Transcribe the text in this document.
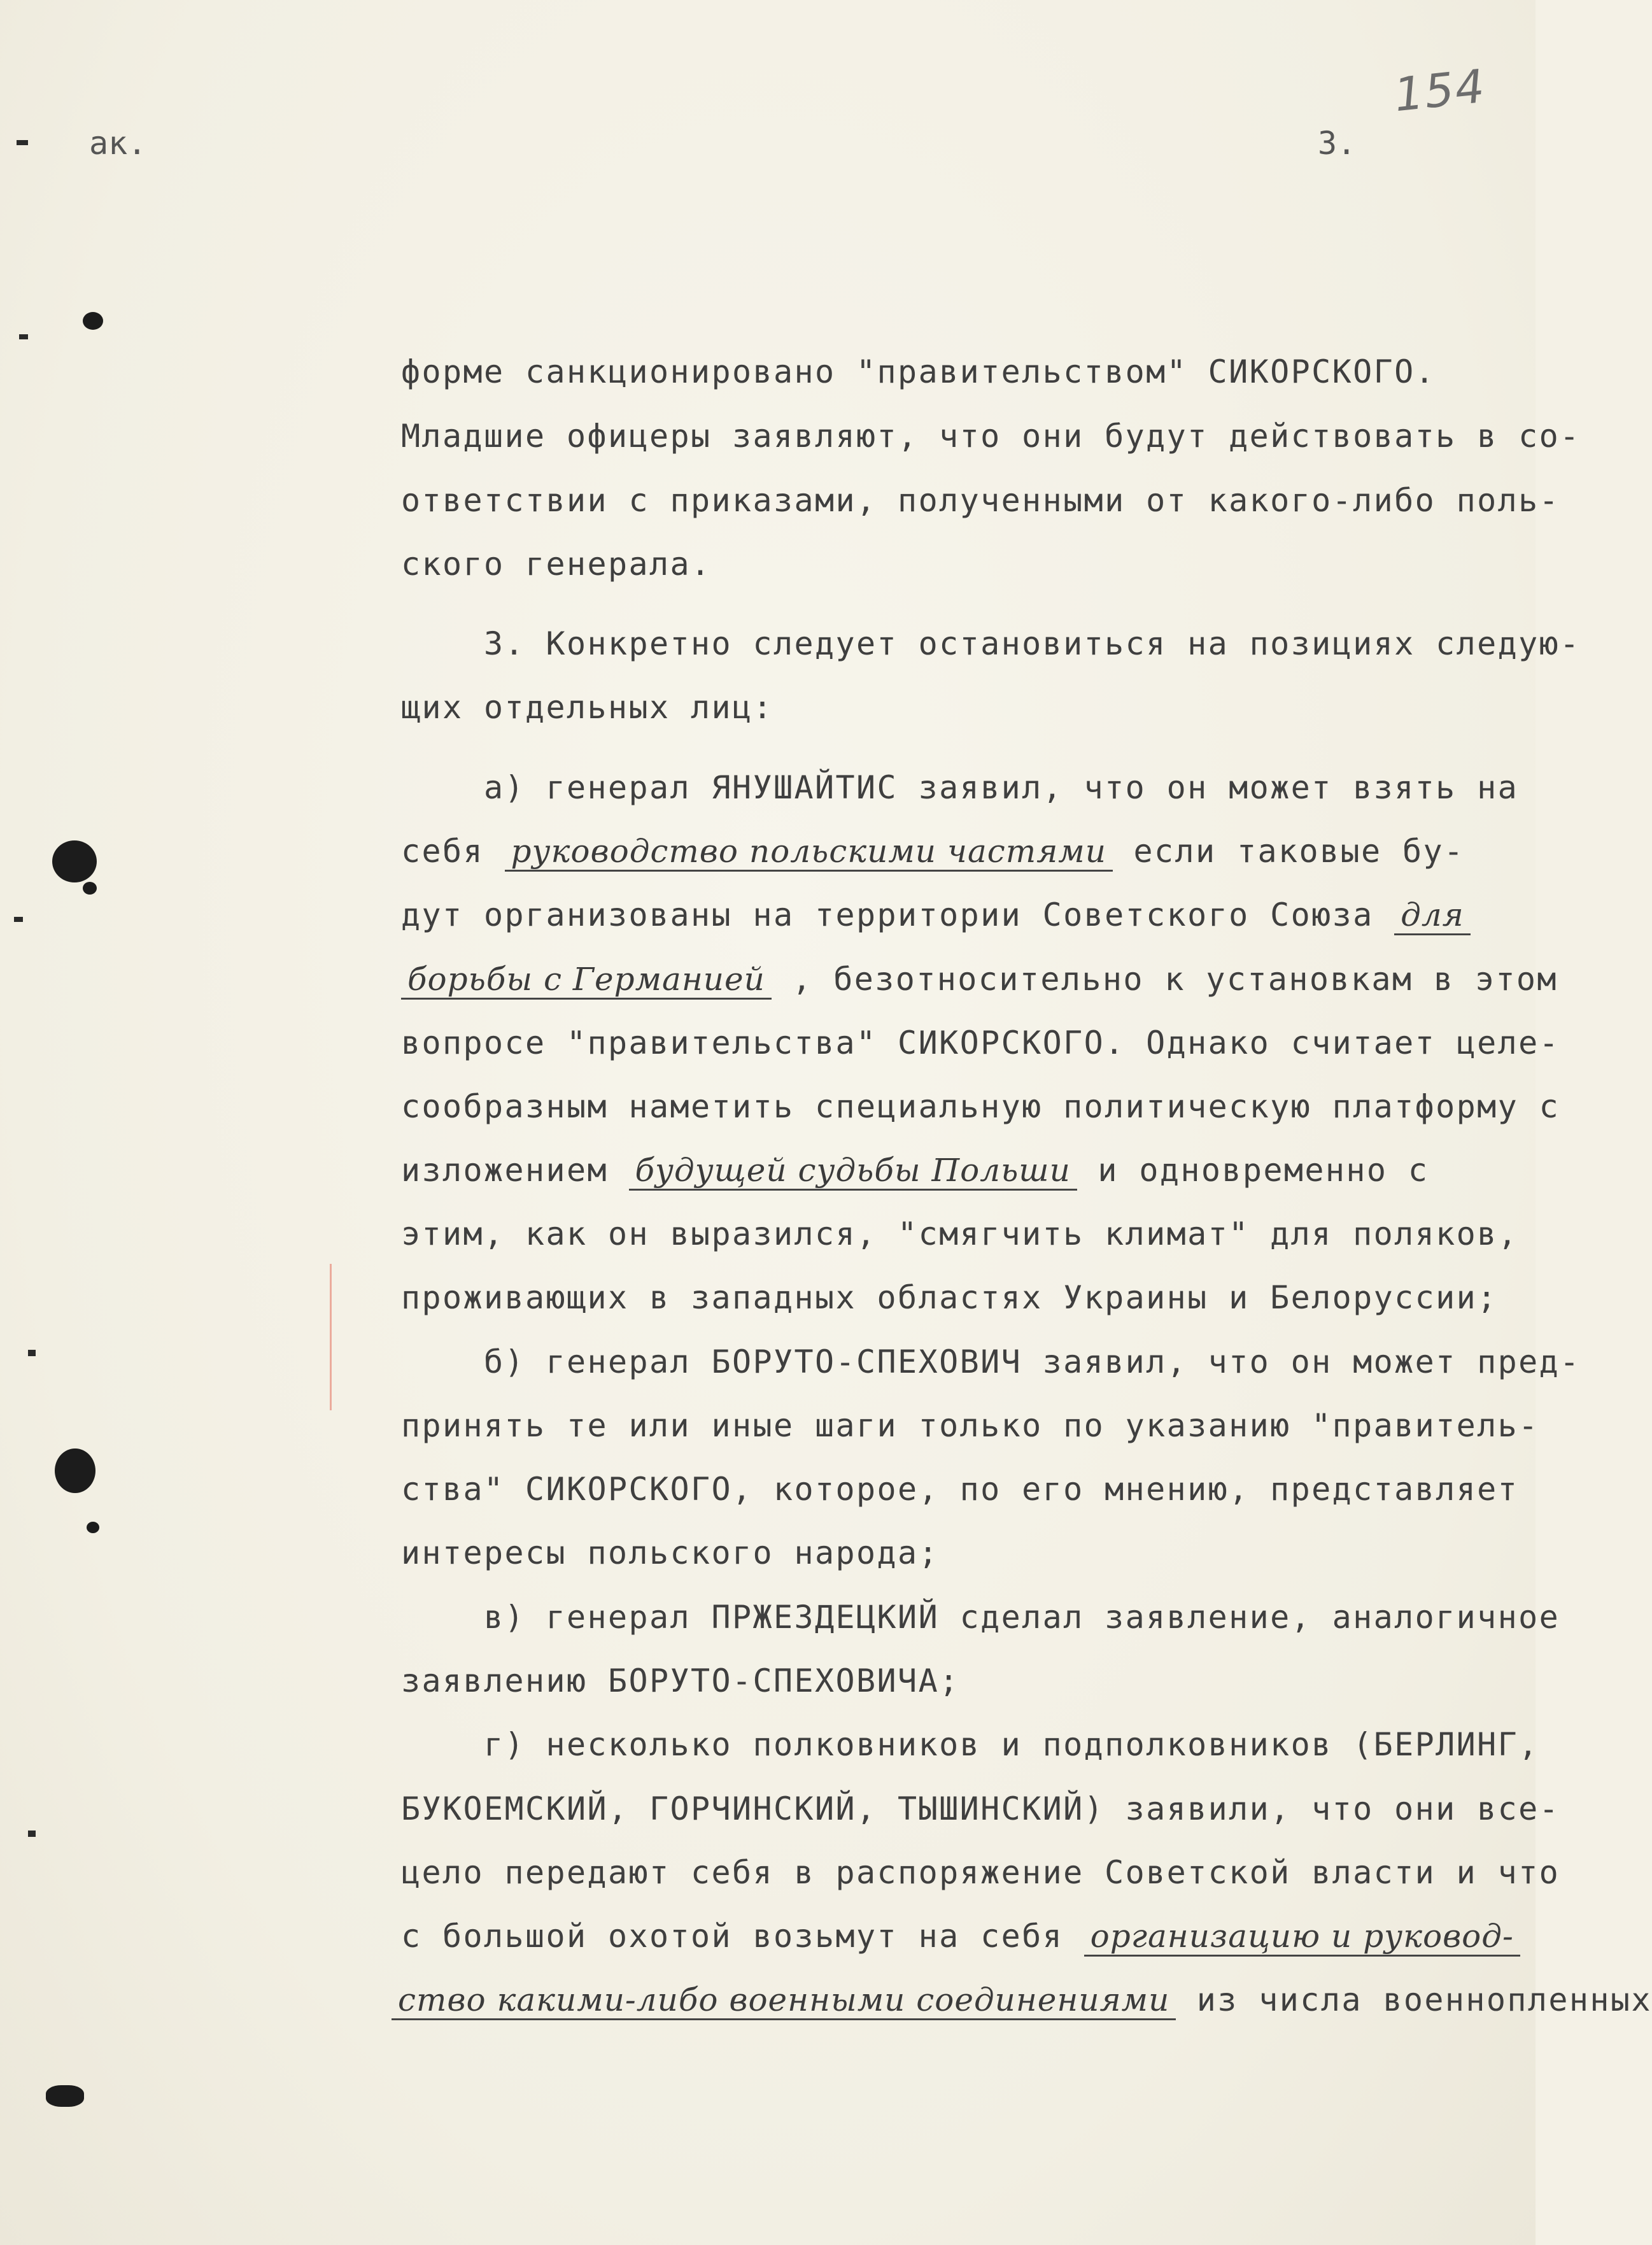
154
ак.	3.
форме санкционировано "правительством" СИКОРСКОГО.
Младшие офицеры заявляют, что они будут действовать в со-
ответствии с приказами, полученными от какого-либо поль-
ского генерала.
3. Конкретно следует остановиться на позициях следую-
щих отдельных лиц:
а) генерал ЯНУШАЙТИС заявил, что он может взять на
себя руководство польскими частями если таковые бу-
дут организованы на территории Советского Союза для
борьбы с Германией , безотносительно к установкам в этом
вопросе "правительства" СИКОРСКОГО. Однако считает целе-
сообразным наметить специальную политическую платформу с
изложением будущей судьбы Польши и одновременно с
этим, как он выразился, "смягчить климат" для поляков,
проживающих в западных областях Украины и Белоруссии;
б) генерал БОРУТО-СПЕХОВИЧ заявил, что он может пред-
принять те или иные шаги только по указанию "правитель-
ства" СИКОРСКОГО, которое, по его мнению, представляет
интересы польского народа;
в) генерал ПРЖЕЗДЕЦКИЙ сделал заявление, аналогичное
заявлению БОРУТО-СПЕХОВИЧА;
г) несколько полковников и подполковников (БЕРЛИНГ,
БУКОЕМСКИЙ, ГОРЧИНСКИЙ, ТЫШИНСКИЙ) заявили, что они все-
цело передают себя в распоряжение Советской власти и что
с большой охотой возьмут на себя организацию и руковод-
ство какими-либо военными соединениями из числа военнопленных
